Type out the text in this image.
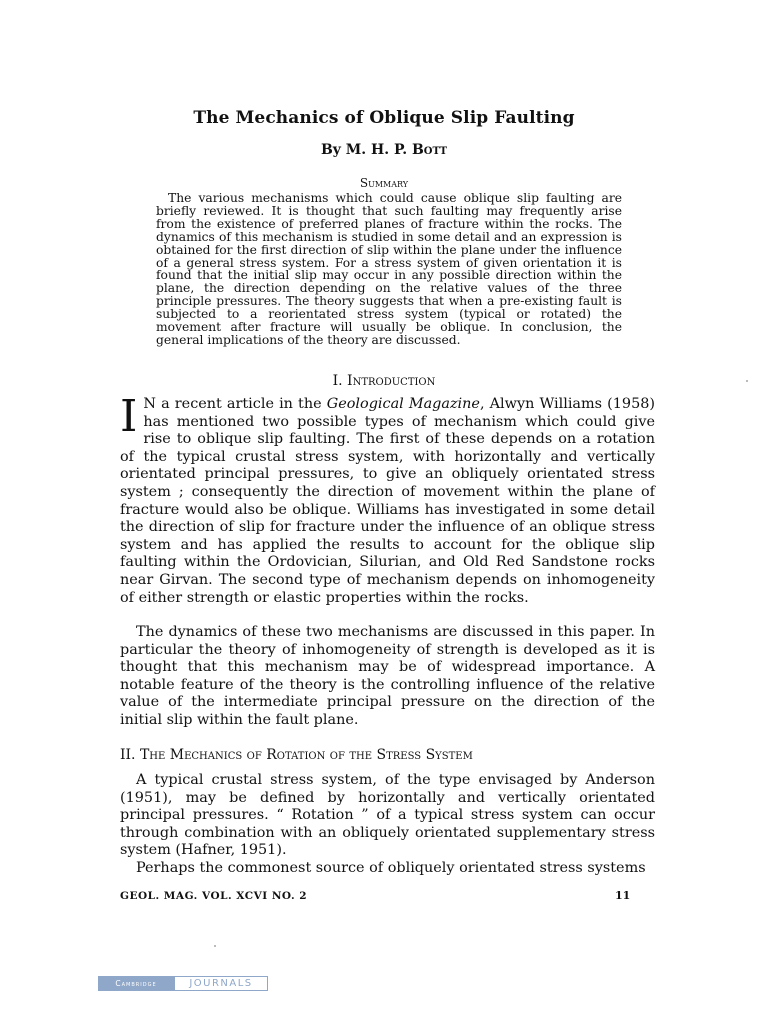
The Mechanics of Oblique Slip Faulting

By M. H. P. Bott

Summary

The various mechanisms which could cause oblique slip faulting are briefly reviewed. It is thought that such faulting may frequently arise from the existence of preferred planes of fracture within the rocks. The dynamics of this mechanism is studied in some detail and an expression is obtained for the first direction of slip within the plane under the influence of a general stress system. For a stress system of given orientation it is found that the initial slip may occur in any possible direction within the plane, the direction depending on the relative values of the three principle pressures. The theory suggests that when a pre-existing fault is subjected to a reorientated stress system (typical or rotated) the movement after fracture will usually be oblique. In conclusion, the general implications of the theory are discussed.

I. Introduction

I N a recent article in the Geological Magazine, Alwyn Williams (1958) has mentioned two possible types of mechanism which could give rise to oblique slip faulting. The first of these depends on a rotation of the typical crustal stress system, with horizontally and vertically orientated principal pressures, to give an obliquely orientated stress system ; consequently the direction of movement within the plane of fracture would also be oblique. Williams has investigated in some detail the direction of slip for fracture under the influence of an oblique stress system and has applied the results to account for the oblique slip faulting within the Ordovician, Silurian, and Old Red Sandstone rocks near Girvan. The second type of mechanism depends on inhomogeneity of either strength or elastic properties within the rocks.

The dynamics of these two mechanisms are discussed in this paper. In particular the theory of inhomogeneity of strength is developed as it is thought that this mechanism may be of widespread importance. A notable feature of the theory is the controlling influence of the relative value of the intermediate principal pressure on the direction of the initial slip within the fault plane.

II. The Mechanics of Rotation of the Stress System

A typical crustal stress system, of the type envisaged by Anderson (1951), may be defined by horizontally and vertically orientated principal pressures. “ Rotation ” of a typical stress system can occur through combination with an obliquely orientated supplementary stress system (Hafner, 1951).

Perhaps the commonest source of obliquely orientated stress systems

GEOL. MAG. VOL. XCVI NO. 2	11

Cambridge	JOURNALS
